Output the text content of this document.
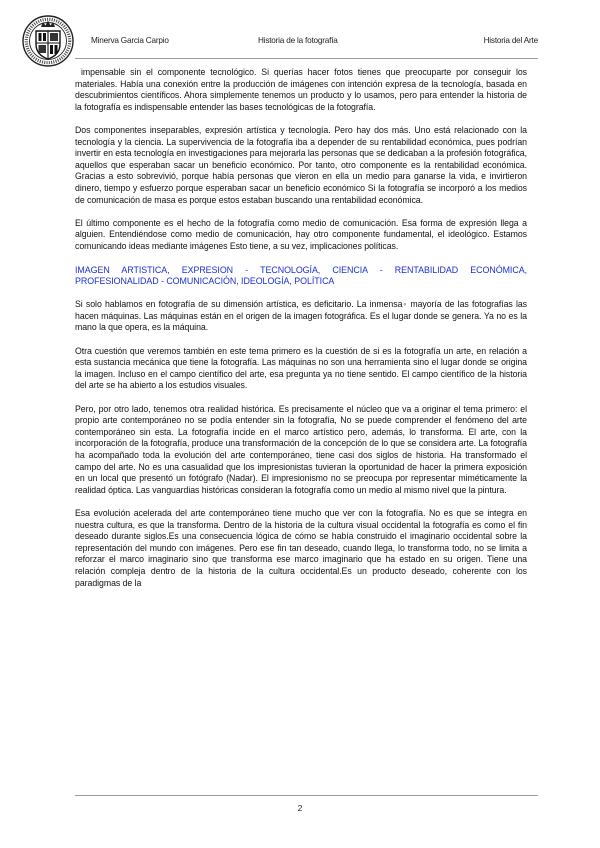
Minerva Garcia Carpio	Historia de la fotografía	Historia del Arte

impensable sin el componente tecnológico. Si querías hacer fotos tienes que preocuparte por conseguir los materiales. Había una conexión entre la producción de imágenes con intención expresa de la tecnología, basada en descubrimientos científicos. Ahora simplemente tenemos un producto y lo usamos, pero para entender la historia de la fotografía es indispensable entender las bases tecnológicas de la fotografía.

Dos componentes inseparables, expresión artística y tecnología. Pero hay dos más. Uno está relacionado con la tecnología y la ciencia. La supervivencia de la fotografía iba a depender de su rentabilidad económica, pues podrían invertir en esta tecnología en investigaciones para mejorarla las personas que se dedicaban a la profesión fotográfica, aquellos que esperaban sacar un beneficio económico. Por tanto, otro componente es la rentabilidad económica. Gracias a esto sobrevivió, porque había personas que vieron en ella un medio para ganarse la vida, e invirtieron dinero, tiempo y esfuerzo porque esperaban sacar un beneficio económico Si la fotografía se incorporó a los medios de comunicación de masa es porque estos estaban buscando una rentabilidad económica.

El último componente es el hecho de la fotografía como medio de comunicación. Esa forma de expresión llega a alguien. Entendiéndose como medio de comunicación, hay otro componente fundamental, el ideológico. Estamos comunicando ideas mediante imágenes Esto tiene, a su vez, implicaciones políticas.

IMAGEN ARTISTICA, EXPRESION - TECNOLOGÍA, CIENCIA - RENTABILIDAD ECONÓMICA, PROFESIONALIDAD - COMUNICACIÓN, IDEOLOGÍA, POLÍTICA

Si solo hablamos en fotografía de su dimensión artística, es deficitario. La inmensa◦ mayoría de las fotografías las hacen máquinas. Las máquinas están en el origen de la imagen fotográfica. Es el lugar donde se genera. Ya no es la mano la que opera, es la máquina.

Otra cuestión que veremos también en este tema primero es la cuestión de si es la fotografía un arte, en relación a esta sustancia mecánica que tiene la fotografía. Las máquinas no son una herramienta sino el lugar donde se origina la imagen. Incluso en el campo científico del arte, esa pregunta ya no tiene sentido. El campo científico de la historia del arte se ha abierto a los estudios visuales.

Pero, por otro lado, tenemos otra realidad histórica. Es precisamente el núcleo que va a originar el tema primero: el propio arte contemporáneo no se podía entender sin la fotografía, No se puede comprender el fenómeno del arte contemporáneo sin esta. La fotografía incide en el marco artístico pero, además, lo transforma. El arte, con la incorporación de la fotografía, produce una transformación de la concepción de lo que se considera arte. La fotografía ha acompañado toda la evolución del arte contemporáneo, tiene casi dos siglos de historia. Ha transformado el campo del arte. No es una casualidad que los impresionistas tuvieran la oportunidad de hacer la primera exposición en un local que presentó un fotógrafo (Nadar). El impresionismo no se preocupa por representar miméticamente la realidad óptica. Las vanguardias históricas consideran la fotografía como un medio al mismo nivel que la pintura.

Esa evolución acelerada del arte contemporáneo tiene mucho que ver con la fotografía. No es que se integra en nuestra cultura, es que la transforma. Dentro de la historia de la cultura visual occidental la fotografía es como el fin deseado durante siglos.Es una consecuencia lógica de cómo se había construido el imaginario occidental sobre la representación del mundo con imágenes. Pero ese fin tan deseado, cuando llega, lo transforma todo, no se limita a reforzar el marco imaginario sino que transforma ese marco imaginario que ha estado en su origen. Tiene una relación compleja dentro de la historia de la cultura occidental.Es un producto deseado, coherente con los paradigmas de la

2
